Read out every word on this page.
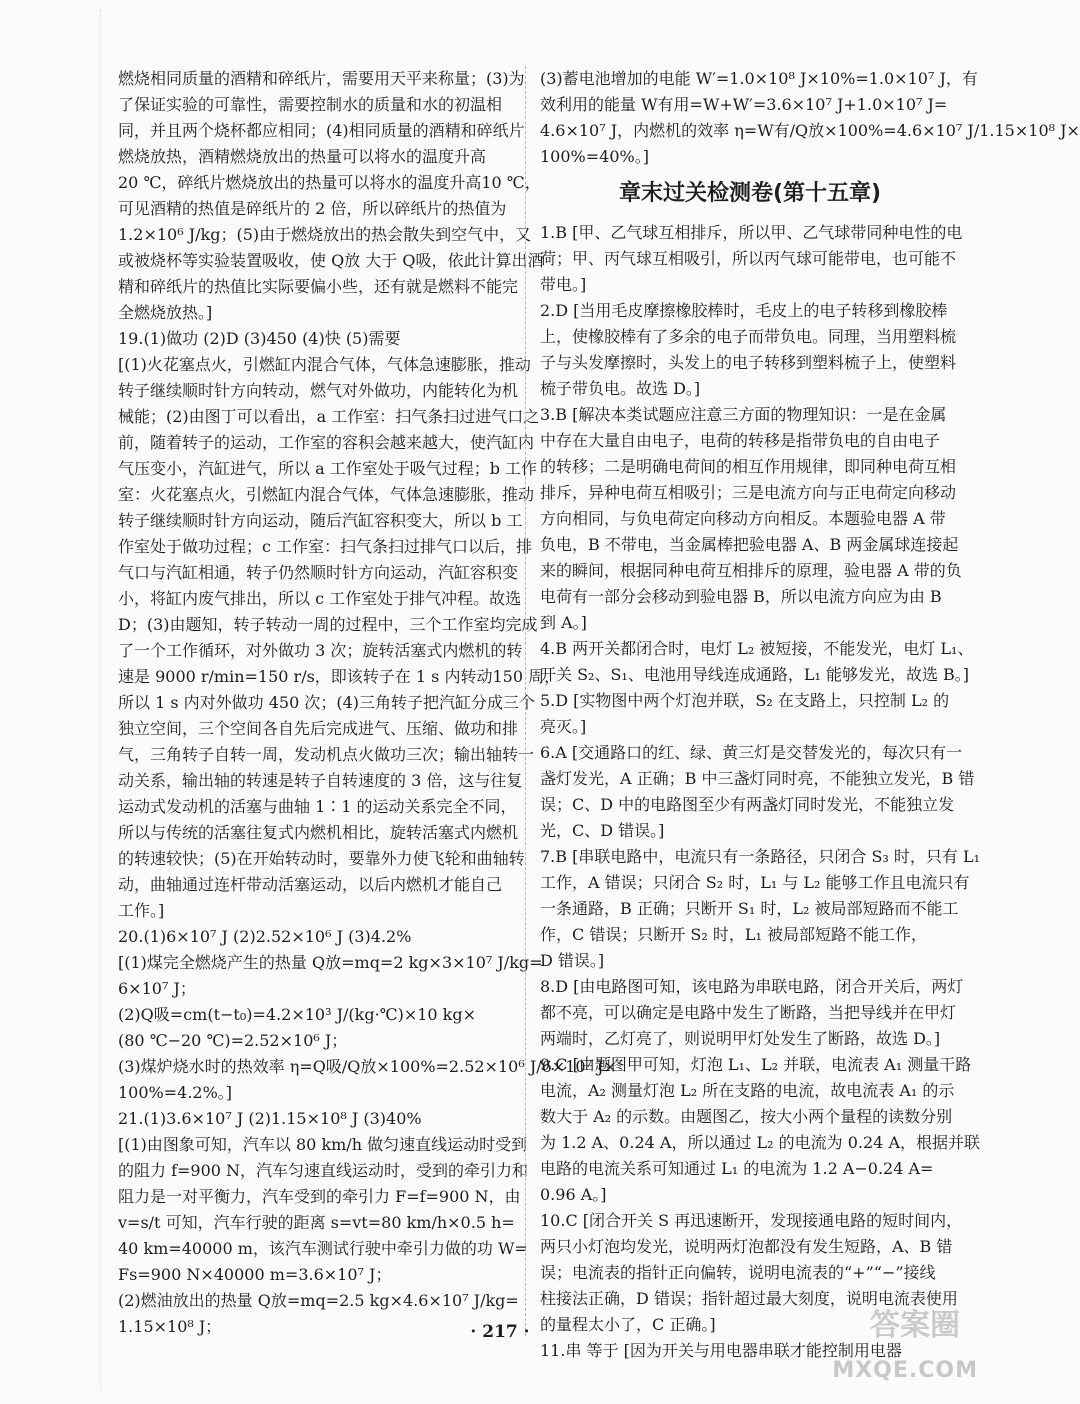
燃烧相同质量的酒精和碎纸片，需要用天平来称量；(3)为
了保证实验的可靠性，需要控制水的质量和水的初温相
同，并且两个烧杯都应相同；(4)相同质量的酒精和碎纸片
燃烧放热，酒精燃烧放出的热量可以将水的温度升高
20 ℃，碎纸片燃烧放出的热量可以将水的温度升高10 ℃，
可见酒精的热值是碎纸片的 2 倍，所以碎纸片的热值为
1.2×10⁶ J/kg；(5)由于燃烧放出的热会散失到空气中，又
或被烧杯等实验装置吸收，使 Q放 大于 Q吸，依此计算出酒
精和碎纸片的热值比实际要偏小些，还有就是燃料不能完
全燃烧放热。]
19.(1)做功 (2)D (3)450 (4)快 (5)需要
[(1)火花塞点火，引燃缸内混合气体，气体急速膨胀，推动
转子继续顺时针方向转动，燃气对外做功，内能转化为机
械能；(2)由图丁可以看出，a 工作室：扫气条扫过进气口之
前，随着转子的运动，工作室的容积会越来越大，使汽缸内
气压变小，汽缸进气，所以 a 工作室处于吸气过程；b 工作
室：火花塞点火，引燃缸内混合气体，气体急速膨胀，推动
转子继续顺时针方向运动，随后汽缸容积变大，所以 b 工
作室处于做功过程；c 工作室：扫气条扫过排气口以后，排
气口与汽缸相通，转子仍然顺时针方向运动，汽缸容积变
小，将缸内废气排出，所以 c 工作室处于排气冲程。故选
D；(3)由题知，转子转动一周的过程中，三个工作室均完成
了一个工作循环，对外做功 3 次；旋转活塞式内燃机的转
速是 9000 r/min=150 r/s，即该转子在 1 s 内转动150 周，
所以 1 s 内对外做功 450 次；(4)三角转子把汽缸分成三个
独立空间，三个空间各自先后完成进气、压缩、做功和排
气，三角转子自转一周，发动机点火做功三次；输出轴转一
动关系，输出轴的转速是转子自转速度的 3 倍，这与往复
运动式发动机的活塞与曲轴 1∶1 的运动关系完全不同，
所以与传统的活塞往复式内燃机相比，旋转活塞式内燃机
的转速较快；(5)在开始转动时，要靠外力使飞轮和曲轴转
动，曲轴通过连杆带动活塞运动，以后内燃机才能自己
工作。]
20.(1)6×10⁷ J (2)2.52×10⁶ J (3)4.2%
[(1)煤完全燃烧产生的热量 Q放=mq=2 kg×3×10⁷ J/kg=
6×10⁷ J；
(2)Q吸=cm(t−t₀)=4.2×10³ J/(kg·℃)×10 kg×
(80 ℃−20 ℃)=2.52×10⁶ J；
(3)煤炉烧水时的热效率 η=Q吸/Q放×100%=2.52×10⁶ J/6×10⁷ J×
100%=4.2%。]
21.(1)3.6×10⁷ J (2)1.15×10⁸ J (3)40%
[(1)由图象可知，汽车以 80 km/h 做匀速直线运动时受到
的阻力 f=900 N，汽车匀速直线运动时，受到的牵引力和
阻力是一对平衡力，汽车受到的牵引力 F=f=900 N，由
v=s/t 可知，汽车行驶的距离 s=vt=80 km/h×0.5 h=
40 km=40000 m，该汽车测试行驶中牵引力做的功 W=
Fs=900 N×40000 m=3.6×10⁷ J；
(2)燃油放出的热量 Q放=mq=2.5 kg×4.6×10⁷ J/kg=
1.15×10⁸ J；
(3)蓄电池增加的电能 W′=1.0×10⁸ J×10%=1.0×10⁷ J，有
效利用的能量 W有用=W+W′=3.6×10⁷ J+1.0×10⁷ J=
4.6×10⁷ J，内燃机的效率 η=W有/Q放×100%=4.6×10⁷ J/1.15×10⁸ J×
100%=40%。]
章末过关检测卷(第十五章)
1.B [甲、乙气球互相排斥，所以甲、乙气球带同种电性的电
荷；甲、丙气球互相吸引，所以丙气球可能带电，也可能不
带电。]
2.D [当用毛皮摩擦橡胶棒时，毛皮上的电子转移到橡胶棒
上，使橡胶棒有了多余的电子而带负电。同理，当用塑料梳
子与头发摩擦时，头发上的电子转移到塑料梳子上，使塑料
梳子带负电。故选 D。]
3.B [解决本类试题应注意三方面的物理知识：一是在金属
中存在大量自由电子，电荷的转移是指带负电的自由电子
的转移；二是明确电荷间的相互作用规律，即同种电荷互相
排斥，异种电荷互相吸引；三是电流方向与正电荷定向移动
方向相同，与负电荷定向移动方向相反。本题验电器 A 带
负电，B 不带电，当金属棒把验电器 A、B 两金属球连接起
来的瞬间，根据同种电荷互相排斥的原理，验电器 A 带的负
电荷有一部分会移动到验电器 B，所以电流方向应为由 B
到 A。]
4.B 两开关都闭合时，电灯 L₂ 被短接，不能发光，电灯 L₁、
开关 S₂、S₁、电池用导线连成通路，L₁ 能够发光，故选 B。]
5.D [实物图中两个灯泡并联，S₂ 在支路上，只控制 L₂ 的
亮灭。]
6.A [交通路口的红、绿、黄三灯是交替发光的，每次只有一
盏灯发光，A 正确；B 中三盏灯同时亮，不能独立发光，B 错
误；C、D 中的电路图至少有两盏灯同时发光，不能独立发
光，C、D 错误。]
7.B [串联电路中，电流只有一条路径，只闭合 S₃ 时，只有 L₁
工作，A 错误；只闭合 S₂ 时，L₁ 与 L₂ 能够工作且电流只有
一条通路，B 正确；只断开 S₁ 时，L₂ 被局部短路而不能工
作，C 错误；只断开 S₂ 时，L₁ 被局部短路不能工作，
D 错误。]
8.D [由电路图可知，该电路为串联电路，闭合开关后，两灯
都不亮，可以确定是电路中发生了断路，当把导线并在甲灯
两端时，乙灯亮了，则说明甲灯处发生了断路，故选 D。]
9.C [由题图甲可知，灯泡 L₁、L₂ 并联，电流表 A₁ 测量干路
电流，A₂ 测量灯泡 L₂ 所在支路的电流，故电流表 A₁ 的示
数大于 A₂ 的示数。由题图乙，按大小两个量程的读数分别
为 1.2 A、0.24 A，所以通过 L₂ 的电流为 0.24 A，根据并联
电路的电流关系可知通过 L₁ 的电流为 1.2 A−0.24 A=
0.96 A。]
10.C [闭合开关 S 再迅速断开，发现接通电路的短时间内，
两只小灯泡均发光，说明两灯泡都没有发生短路，A、B 错
误；电流表的指针正向偏转，说明电流表的“+”“−”接线
柱接法正确，D 错误；指针超过最大刻度，说明电流表使用
的量程太小了，C 正确。]
11.串 等于 [因为开关与用电器串联才能控制用电器
· 217 ·	答案圈
MXQE.COM
